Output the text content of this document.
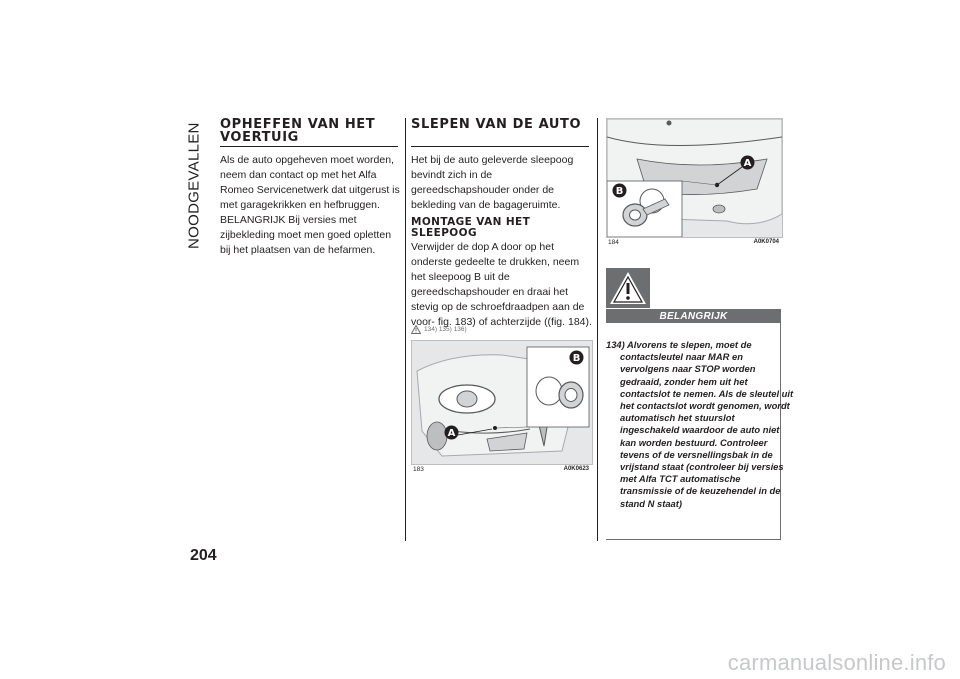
NOODGEVALLEN
204
OPHEFFEN VAN HET VOERTUIG

Als de auto opgeheven moet worden, neem dan contact op met het Alfa Romeo Servicenetwerk dat uitgerust is met garagekrikken en hefbruggen.

BELANGRIJK Bij versies met zijbekleding moet men goed opletten bij het plaatsen van de hefarmen.

SLEPEN VAN DE AUTO

Het bij de auto geleverde sleepoog bevindt zich in de gereedschapshouder onder de bekleding van de bagageruimte.

MONTAGE VAN HET SLEEPOOG

Verwijder de dop A door op het onderste gedeelte te drukken, neem het sleepoog B uit de gereedschapshouder en draai het stevig op de schroefdraadpen aan de voor- fig. 183) of achterzijde ((fig. 184).

134) 135) 136)
A
B
183	A0K0623
A
B
184	A0K0704
BELANGRIJK

134) Alvorens te slepen, moet de contactsleutel naar MAR en vervolgens naar STOP worden gedraaid, zonder hem uit het contactslot te nemen. Als de sleutel uit het contactslot wordt genomen, wordt automatisch het stuurslot ingeschakeld waardoor de auto niet kan worden bestuurd. Controleer tevens of de versnellingsbak in de vrijstand staat (controleer bij versies met Alfa TCT automatische transmissie of de keuzehendel in de stand N staat)

carmanualsonline.info
